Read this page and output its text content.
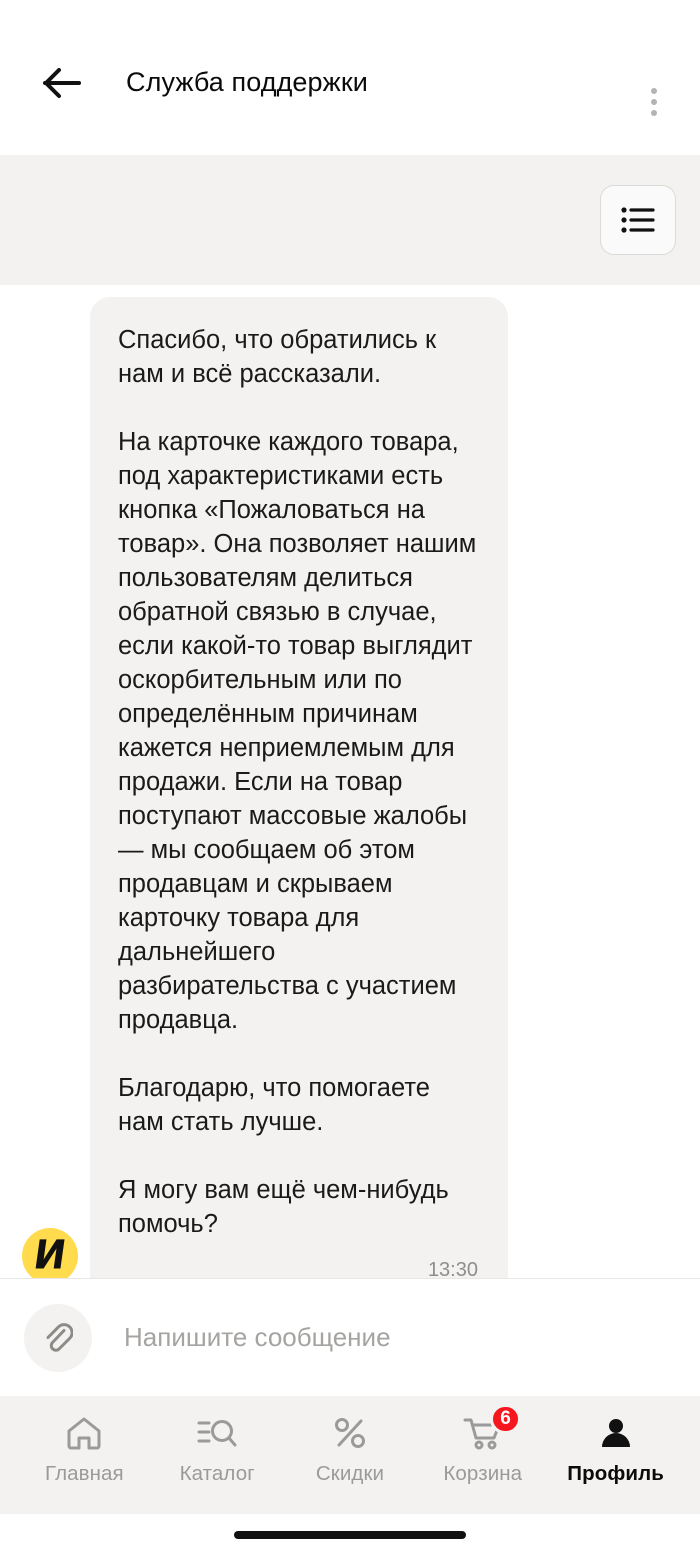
Служба поддержки
И

Спасибо, что обратились к нам и всё рассказали.

На карточке каждого товара, под характеристиками есть кнопка «Пожаловаться на товар». Она позволяет нашим пользователям делиться обратной связью в случае, если какой-то товар выглядит оскорбительным или по определённым причинам кажется неприемлемым для продажи. Если на товар поступают массовые жалобы — мы сообщаем об этом продавцам и скрываем карточку товара для дальнейшего разбирательства с участием продавца.

Благодарю, что помогаете нам стать лучше.

Я могу вам ещё чем-нибудь помочь?

13:30
Напишите сообщение
Главная	Каталог	Скидки
6
Корзина Профиль
